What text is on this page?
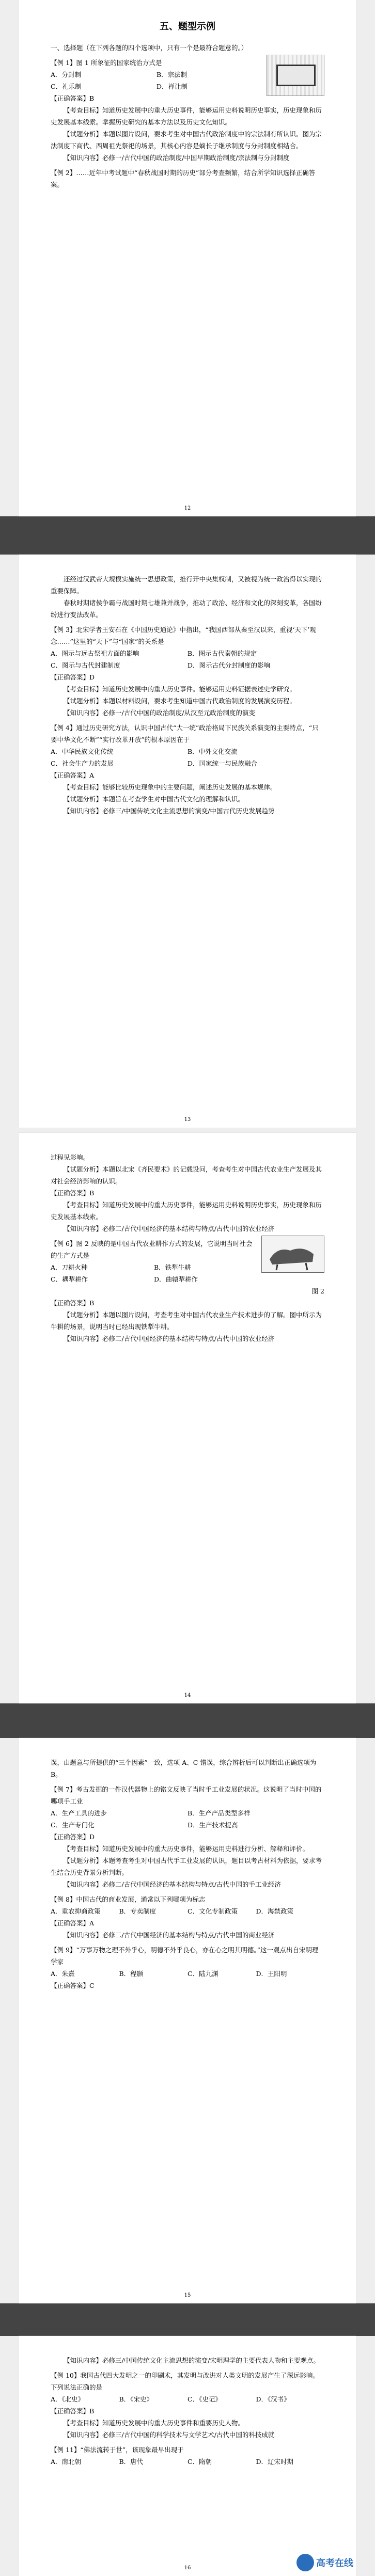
五、题型示例

一、选择题（在下列各题的四个选项中，只有一个是最符合题意的。）

【例 1】图 1 所象征的国家统治方式是

A．分封制	B．宗法制
C．礼乐制	D．禅让制

【正确答案】B

【考查目标】知道历史发展中的重大历史事件，能够运用史料说明历史事实，历史现象和历史发展基本线索。掌握历史研究的基本方法以及历史文化知识。

【试题分析】本题以图片设问，要求考生对中国古代政治制度中的宗法制有所认识。图为宗法制度下商代、西周祖先祭祀的场景，其核心内容是嫡长子继承制度与分封制度相结合。

【知识内容】必修一/古代中国的政治制度/中国早期政治制度/宗法制与分封制度

【例 2】……近年中考试题中“春秋战国时期的历史”部分考查频繁，结合所学知识选择正确答案。

12

还经过汉武帝大规模实施统一思想政策，推行开中央集权制，又被视为统一政治得以实现的重要保障。

春秋时期诸侯争霸与战国时期七雄兼并战争，推动了政治、经济和文化的深刻变革，各国纷纷进行变法改革。

【例 3】北宋学者王安石在《中国历史通论》中指出，“我国西部从秦至汉以来，重视‘天下’观念……”这里的“天下”与“国家”的关系是

A．图示与远古祭祀方面的影响	B．图示古代秦朝的规定
C．图示与古代封建制度	D．图示古代分封制度的影响

【正确答案】D

【考查目标】知道历史发展中的重大历史事件。能够运用史料证据表述史学研究。

【试题分析】本题以材料设问，要求考生知道中国古代政治制度的发展演变历程。

【知识内容】必修一/古代中国的政治制度/从汉至元政治制度的演变

【例 4】通过历史研究方法，认识中国古代“大一统”政治格局下民族关系演变的主要特点，“只要中华文化不断”“实行改革开放”的根本原因在于

A．中华民族文化传统	B．中外文化交流
C．社会生产力的发展	D．国家统一与民族融合

【正确答案】A

【考查目标】能够比较历史现象中的主要问题，阐述历史发展的基本规律。

【试题分析】本题旨在考查学生对中国古代文化的理解和认识。

【知识内容】必修三/中国传统文化主流思想的演变/中国古代历史发展趋势

13

过程见影响。

【试题分析】本题以北宋《齐民要术》的记载设问，考查考生对中国古代农业生产发展及其对社会经济影响的认识。

【正确答案】B

【考查目标】知道历史发展中的重大历史事件，能够运用史料说明历史事实，历史现象和历史发展基本线索。

【知识内容】必修二/古代中国经济的基本结构与特点/古代中国的农业经济

【例 6】图 2 反映的是中国古代农业耕作方式的发展，它说明当时社会的生产方式是

A．刀耕火种	B．铁犁牛耕
C．耦犁耕作	D．曲辕犁耕作

图 2

【正确答案】B

【试题分析】本题以图片设问，考查考生对中国古代农业生产技术进步的了解。图中所示为牛耕的场景，说明当时已经出现铁犁牛耕。

【知识内容】必修二/古代中国经济的基本结构与特点/古代中国的农业经济

14

误，由题意与所提供的“三个因素”一致，选项 A、C 错误，综合辨析后可以判断出正确选项为 B。

【例 7】考古发掘的一件汉代器物上的铭文反映了当时手工业发展的状况。这说明了当时中国的哪项手工业

A．生产工具的进步	B．生产产品类型多样
C．生产专门化	D．生产技术提高

【正确答案】D

【考查目标】知道历史发展中的重大历史事件，能够运用史料进行分析、解释和评价。

【试题分析】本题考查考生对中国古代手工业发展的认识，题目以考古材料为依据，要求考生结合历史背景分析判断。

【知识内容】必修二/古代中国经济的基本结构与特点/古代中国的手工业经济

【例 8】中国古代的商业发展，通常以下列哪项为标志

A．重农抑商政策	B．专卖制度	C．文化专制政策	D．海禁政策

【正确答案】A

【知识内容】必修二/古代中国经济的基本结构与特点/古代中国的商业经济

【例 9】“万事万物之理不外乎心，明德不外乎良心，亦在心之明其明德。”这一观点出自宋明理学家

A．朱熹	B．程颢	C．陆九渊	D．王阳明

【正确答案】C

15

【知识内容】必修三/中国传统文化主流思想的演变/宋明理学的主要代表人物和主要观点。

【例 10】我国古代四大发明之一的印刷术，其发明与改进对人类文明的发展产生了深远影响。下列说法正确的是

A．《北史》	B．《宋史》	C．《史记》	D．《汉书》

【正确答案】B

【考查目标】知道历史发展中的重大历史事件和重要历史人物。

【知识内容】必修三/古代中国的科学技术与文学艺术/古代中国的科技成就

【例 11】“佛法流转于世”，该现象最早出现于

A．南北朝	B．唐代	C．隋朝	D．辽宋时期
16	高考在线
